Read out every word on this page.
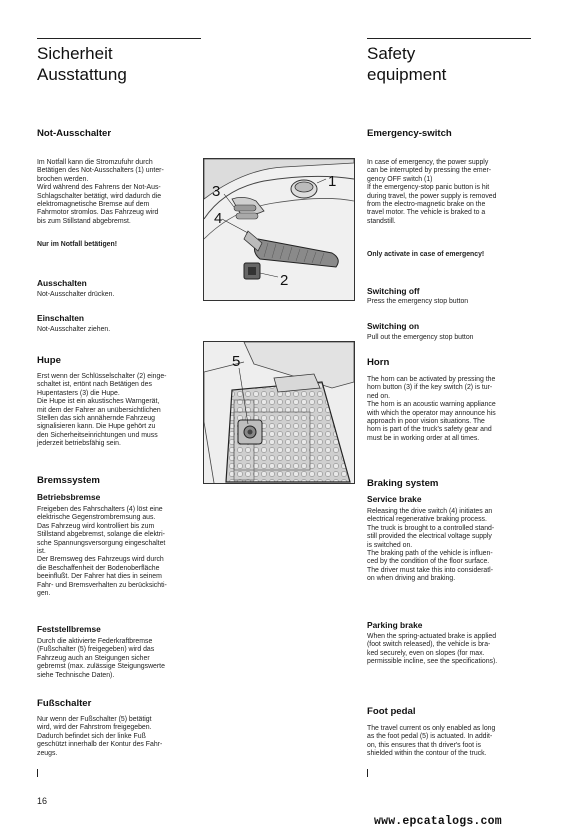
Sicherheit
Ausstattung
Safety
equipment
Not-Ausschalter
Im Notfall kann die Stromzufuhr durch
Betätigen des Not-Ausschalters (1) unter-
brochen werden.
Wird während des Fahrens der Not-Aus-
Schlagschalter betätigt, wird dadurch die
elektromagnetische Bremse auf dem
Fahrmotor stromlos. Das Fahrzeug wird
bis zum Stillstand abgebremst.
Nur im Notfall betätigen!
Ausschalten
Not-Ausschalter drücken.
Einschalten
Not-Ausschalter ziehen.
Hupe
Erst wenn der Schlüsselschalter (2) einge-
schaltet ist, ertönt nach Betätigen des
Hupentasters (3) die Hupe.
Die Hupe ist ein akustisches Warngerät,
mit dem der Fahrer an unübersichtlichen
Stellen das sich annähernde Fahrzeug
signalisieren kann. Die Hupe gehört zu
den Sicherheitseinrichtungen und muss
jederzeit betriebsfähig sein.
Bremssystem
Betriebsbremse
Freigeben des Fahrschalters (4) löst eine
elektrische Gegenstrombremsung aus.
Das Fahrzeug wird kontrolliert bis zum
Stillstand abgebremst, solange die elektri-
sche Spannungsversorgung eingeschaltet
ist.
Der Bremsweg des Fahrzeugs wird durch
die Beschaffenheit der Bodenoberfläche
beeinflußt. Der Fahrer hat dies in seinem
Fahr- und Bremsverhalten zu berücksichti-
gen.
Feststellbremse
Durch die aktivierte Federkraftbremse
(Fußschalter (5) freigegeben) wird das
Fahrzeug auch an Steigungen sicher
gebremst (max. zulässige Steigungswerte
siehe Technische Daten).
Fußschalter
Nur wenn der Fußschalter (5) betätigt
wird, wird der Fahrstrom freigegeben.
Dadurch befindet sich der linke Fuß
geschützt innerhalb der Kontur des Fahr-
zeugs.
1
2
3
4
5
Emergency-switch
In case of emergency, the power supply
can be interrupted by pressing the emer-
gency OFF switch (1)
If the emergency-stop panic button is hit
during travel, the power supply is removed
from the electro-magnetic brake on the
travel motor. The vehicle is braked to a
standstill.
Only activate in case of emergency!
Switching off
Press the emergency stop button
Switching on
Pull out the emergency stop button
Horn
The horn can be activated by pressing the
horn button (3) if the key switch (2) is tur-
ned on.
The horn is an acoustic warning appliance
with which the operator may announce his
approach in poor vision situations. The
horn is part of the truck's safety gear and
must be in working order at all times.
Braking system
Service brake
Releasing the drive switch (4) initiates an
electrical regenerative braking process.
The truck is brought to a controlled stand-
still provided the electrical voltage supply
is switched on.
The braking path of the vehicle is influen-
ced by the condition of the floor surface.
The driver must take this into consideratl-
on when driving and braking.
Parking brake
When the spring-actuated brake is applied
(foot switch released), the vehicle is bra-
ked securely, even on slopes (for max.
permissible incline, see the specifications).
Foot pedal
The travel current os only enabled as long
as the foot pedal (5) is actuated. In addit-
on, this ensures that th driver's foot is
shielded within the contour of the truck.
16
www.epcatalogs.com
